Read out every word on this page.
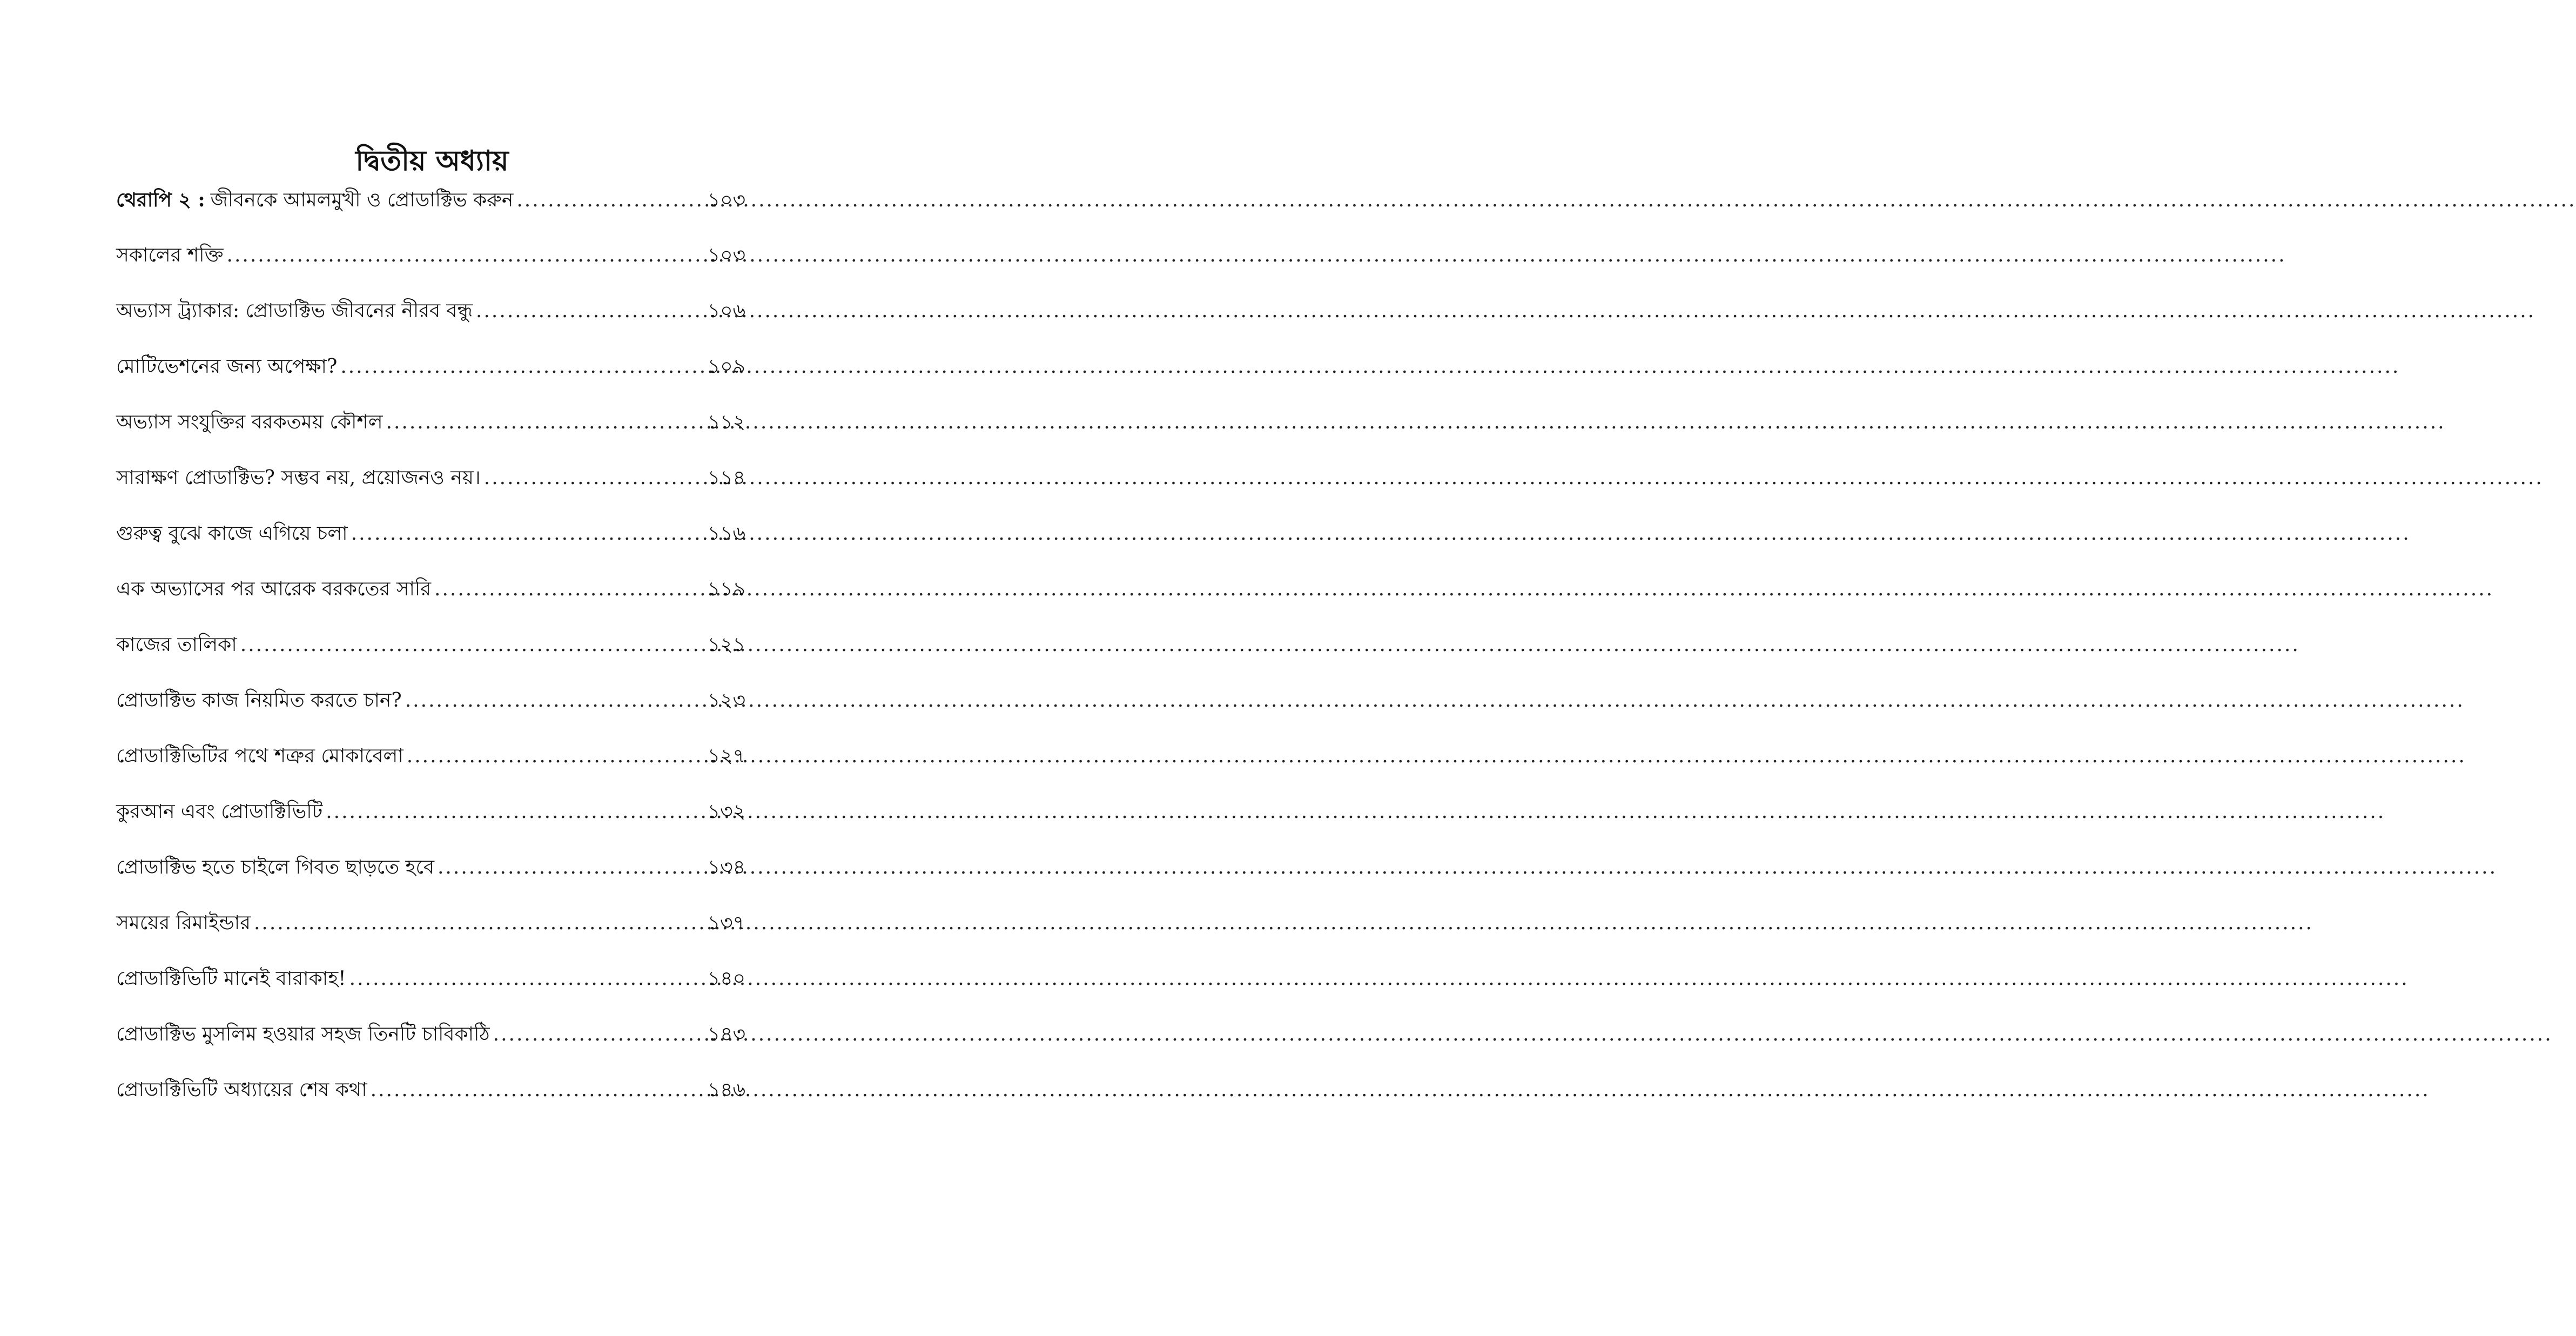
দ্বিতীয় অধ্যায়
থেরাপি ২ : জীবনকে আমলমুখী ও প্রোডাক্টিভ করুন .....	১০৩
সকালের শক্তি .....	১০৩
অভ্যাস ট্র্যাকার: প্রোডাক্টিভ জীবনের নীরব বন্ধু .....	১০৬
মোটিভেশনের জন্য অপেক্ষা? .....	১০৯
অভ্যাস সংযুক্তির বরকতময় কৌশল .....	১১২
সারাক্ষণ প্রোডাক্টিভ? সম্ভব নয়, প্রয়োজনও নয়। .....	১১৪
গুরুত্ব বুঝে কাজে এগিয়ে চলা .....	১১৬
এক অভ্যাসের পর আরেক বরকতের সারি .....	১১৯
কাজের তালিকা .....	১২১
প্রোডাক্টিভ কাজ নিয়মিত করতে চান? .....	১২৩
প্রোডাক্টিভিটির পথে শত্রুর মোকাবেলা .....	১২৭
কুরআন এবং প্রোডাক্টিভিটি .....	১৩২
প্রোডাক্টিভ হতে চাইলে গিবত ছাড়তে হবে .....	১৩৪
সময়ের রিমাইন্ডার .....	১৩৭
প্রোডাক্টিভিটি মানেই বারাকাহ! .....	১৪০
প্রোডাক্টিভ মুসলিম হওয়ার সহজ তিনটি চাবিকাঠি .....	১৪৩
প্রোডাক্টিভিটি অধ্যায়ের শেষ কথা .....	১৪৬
